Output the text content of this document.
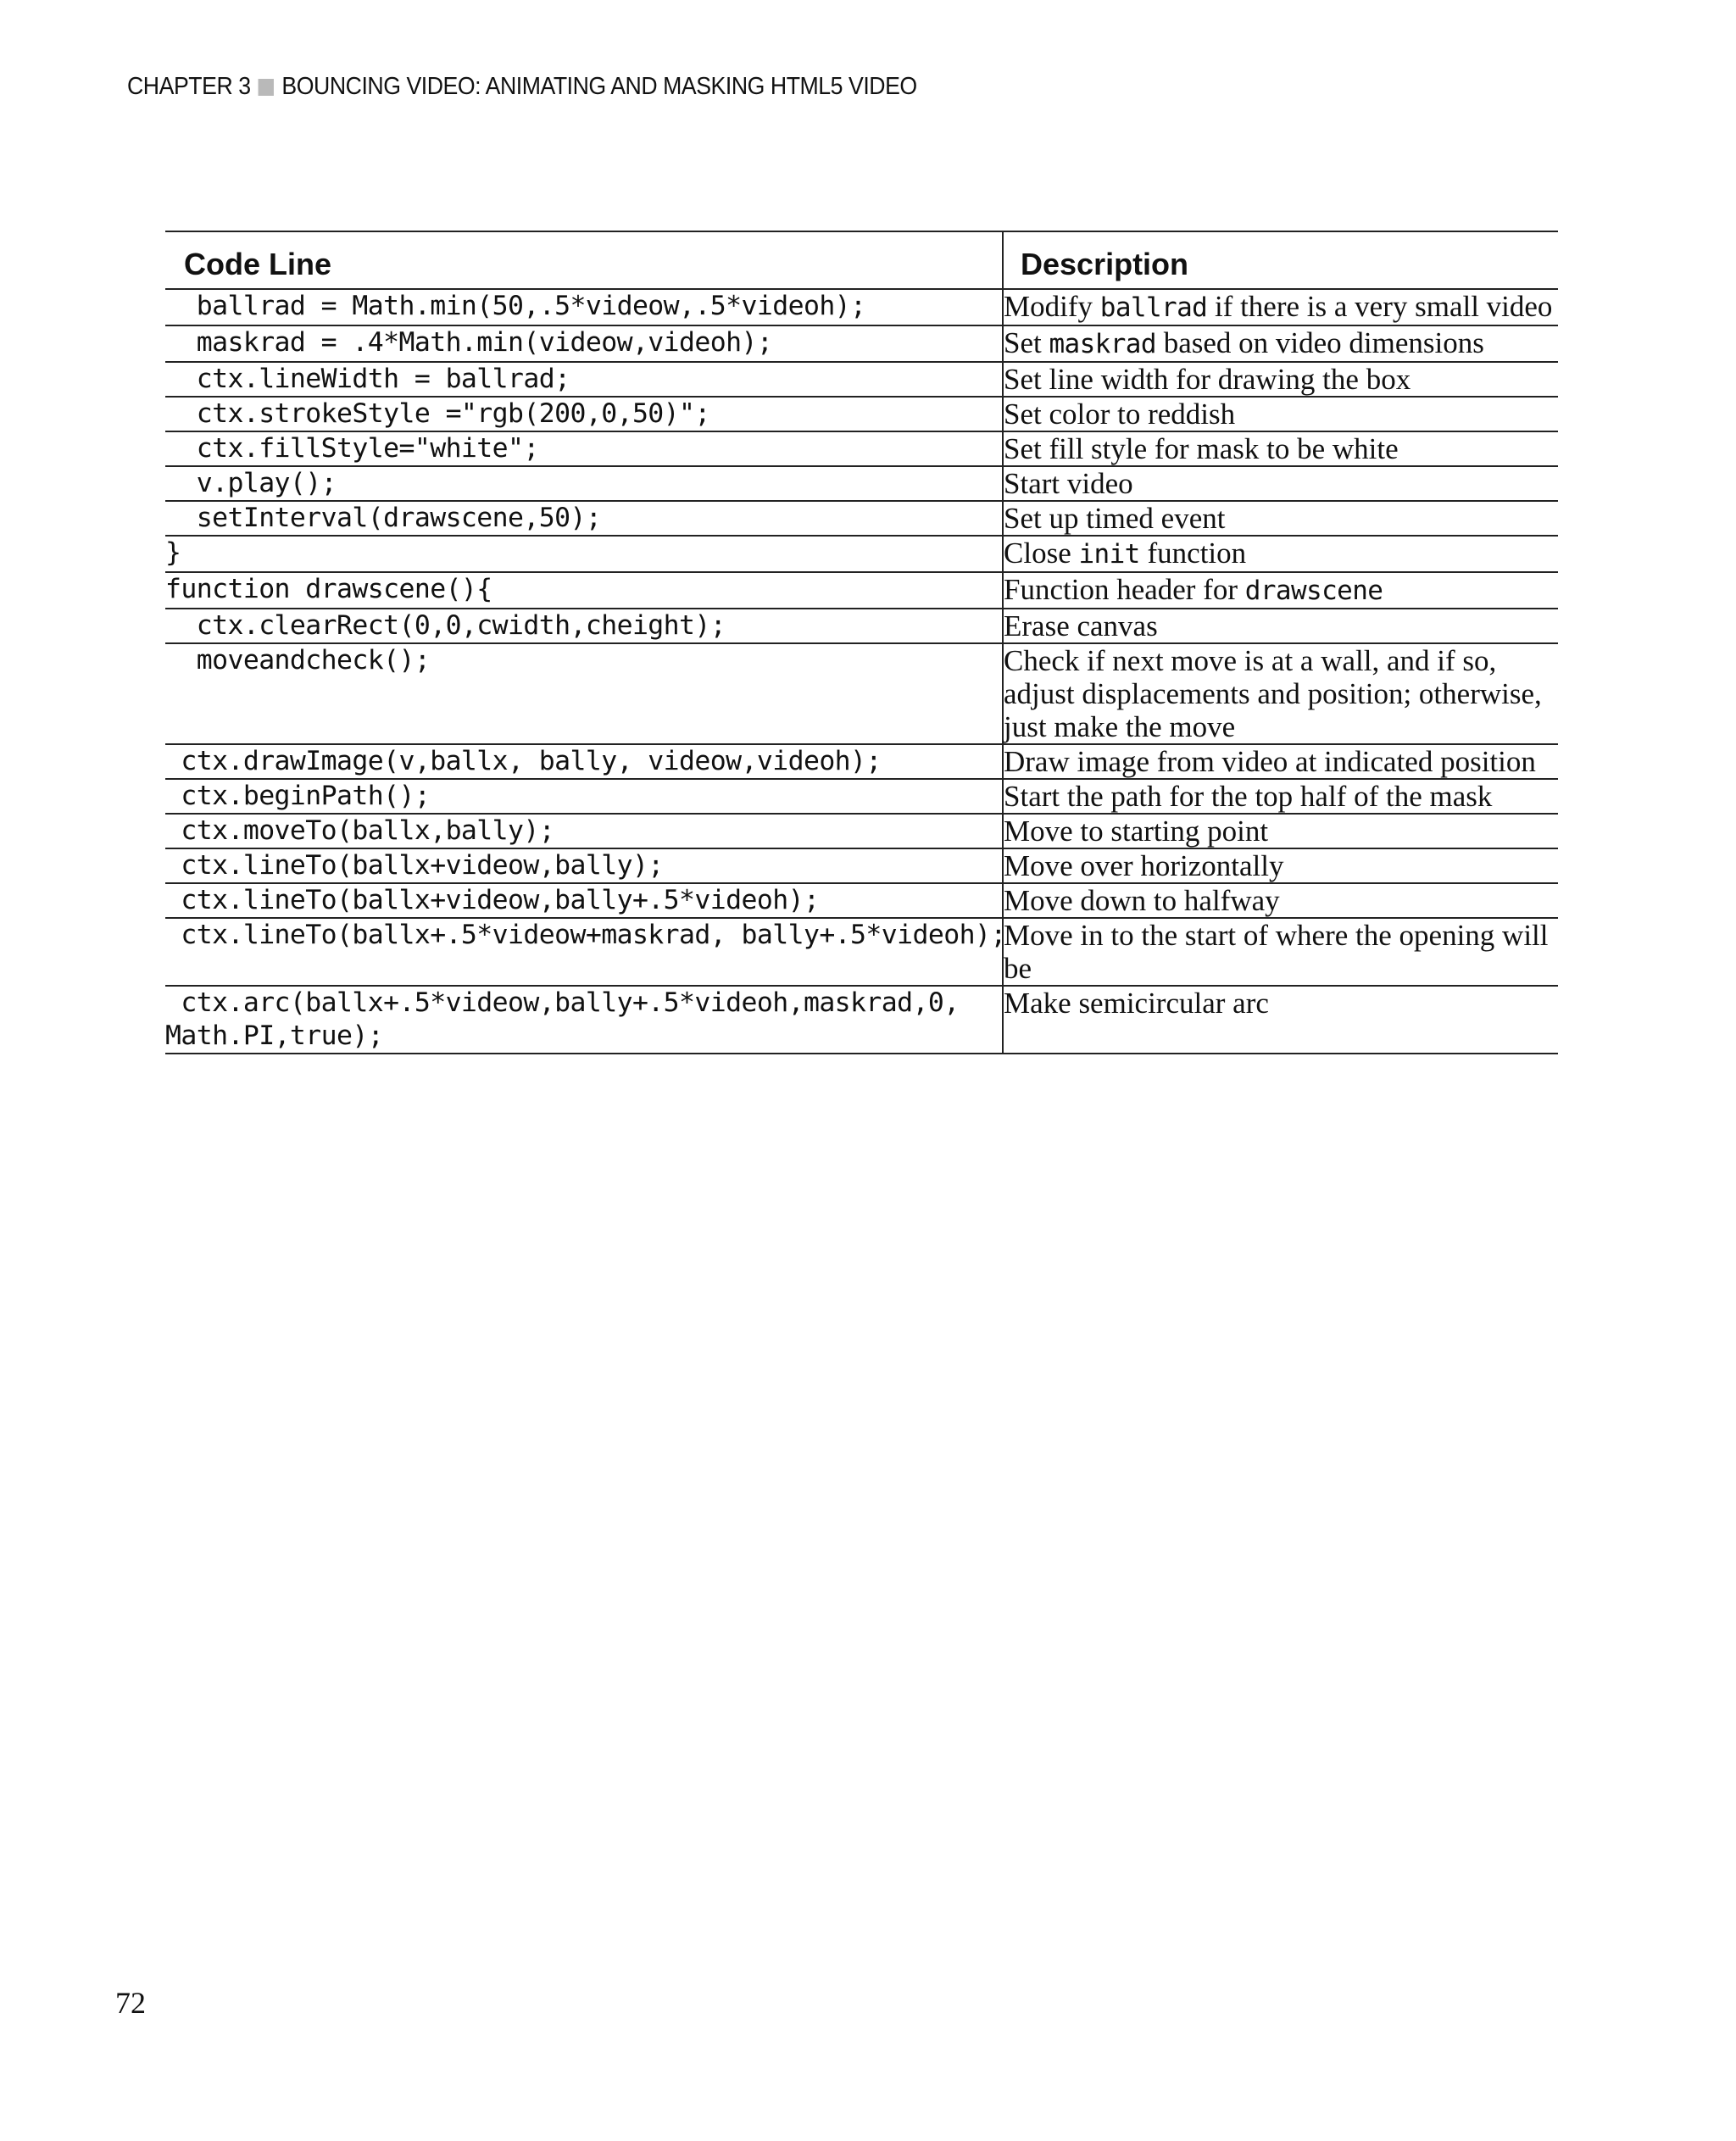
CHAPTER 3 BOUNCING VIDEO: ANIMATING AND MASKING HTML5 VIDEO
Code Line	Description
ballrad = Math.min(50,.5*videow,.5*videoh);	Modify ballrad if there is a very small video
maskrad = .4*Math.min(videow,videoh);	Set maskrad based on video dimensions
ctx.lineWidth = ballrad;	Set line width for drawing the box
ctx.strokeStyle ="rgb(200,0,50)";	Set color to reddish
ctx.fillStyle="white";	Set fill style for mask to be white
v.play();	Start video
setInterval(drawscene,50);	Set up timed event
}	Close init function
function drawscene(){	Function header for drawscene
ctx.clearRect(0,0,cwidth,cheight);	Erase canvas
moveandcheck();	Check if next move is at a wall, and if so, adjust displacements and position; otherwise, just make the move
ctx.drawImage(v,ballx, bally, videow,videoh);	Draw image from video at indicated position
ctx.beginPath();	Start the path for the top half of the mask
ctx.moveTo(ballx,bally);	Move to starting point
ctx.lineTo(ballx+videow,bally);	Move over horizontally
ctx.lineTo(ballx+videow,bally+.5*videoh);	Move down to halfway
ctx.lineTo(ballx+.5*videow+maskrad, bally+.5*videoh);	Move in to the start of where the opening will be
ctx.arc(ballx+.5*videow,bally+.5*videoh,maskrad,0,
Math.PI,true);	Make semicircular arc
72
